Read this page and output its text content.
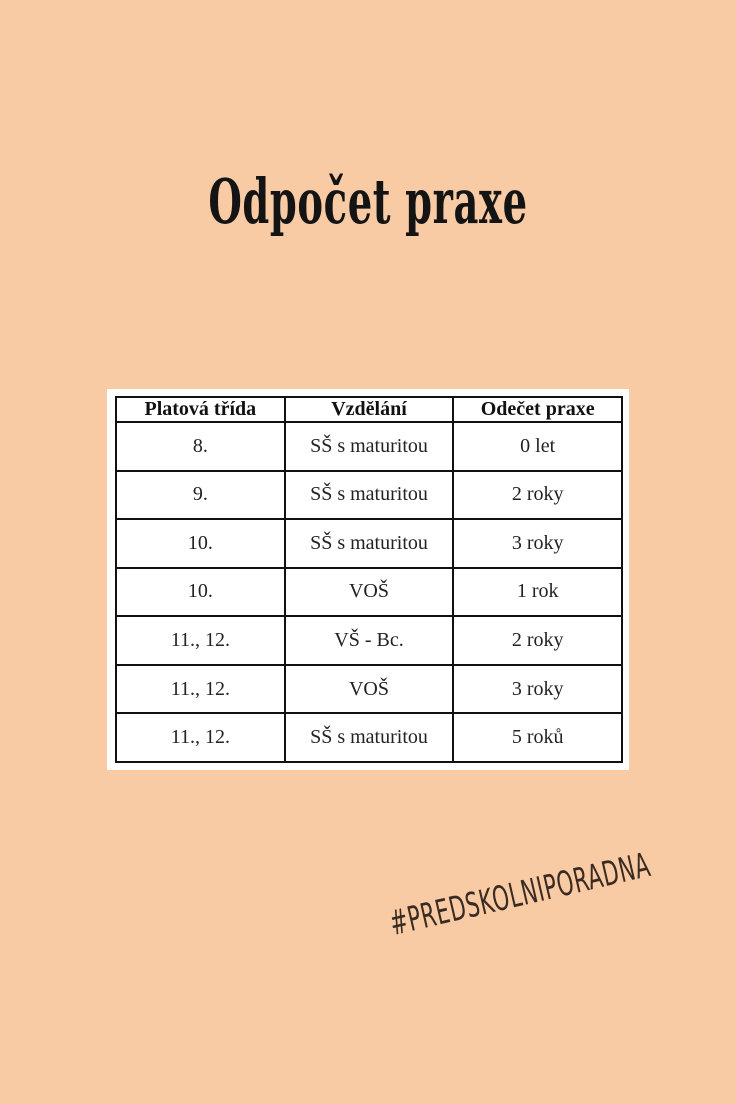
Odpočet praxe
Platová třída	Vzdělání	Odečet praxe
8.	SŠ s maturitou	0 let
9.	SŠ s maturitou	2 roky
10.	SŠ s maturitou	3 roky
10.	VOŠ	1 rok
11., 12.	VŠ - Bc.	2 roky
11., 12.	VOŠ	3 roky
11., 12.	SŠ s maturitou	5 roků
#PREDSKOLNIPORADNA
